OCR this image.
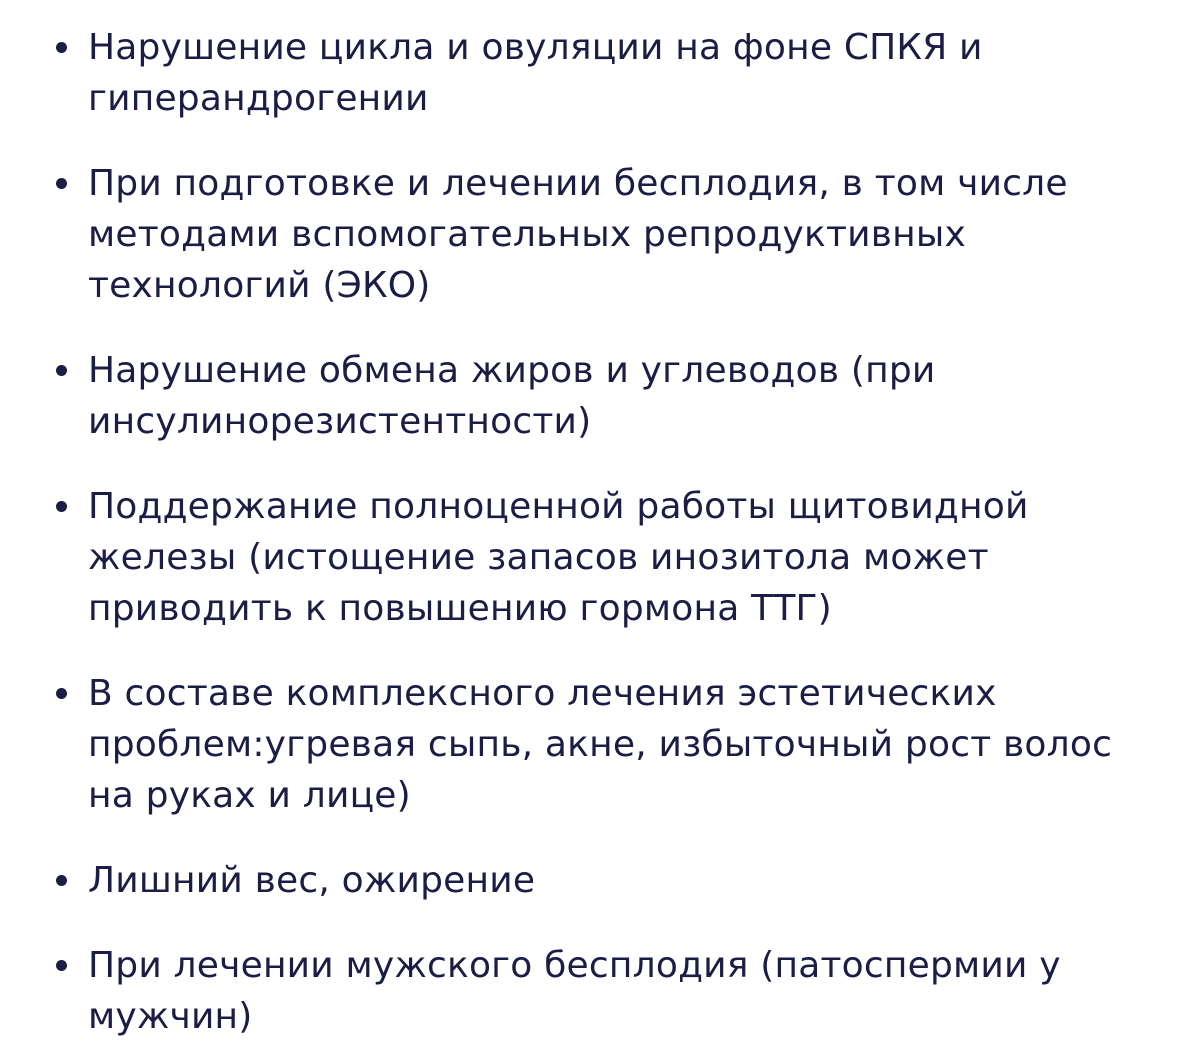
Нарушение цикла и овуляции на фоне СПКЯ и
гиперандрогении
При подготовке и лечении бесплодия, в том числе
методами вспомогательных репродуктивных
технологий (ЭКО)
Нарушение обмена жиров и углеводов (при
инсулинорезистентности)
Поддержание полноценной работы щитовидной
железы (истощение запасов инозитола может
приводить к повышению гормона ТТГ)
В составе комплексного лечения эстетических
проблем:угревая сыпь, акне, избыточный рост волос
на руках и лице)
Лишний вес, ожирение
При лечении мужского бесплодия (патоспермии у
мужчин)
